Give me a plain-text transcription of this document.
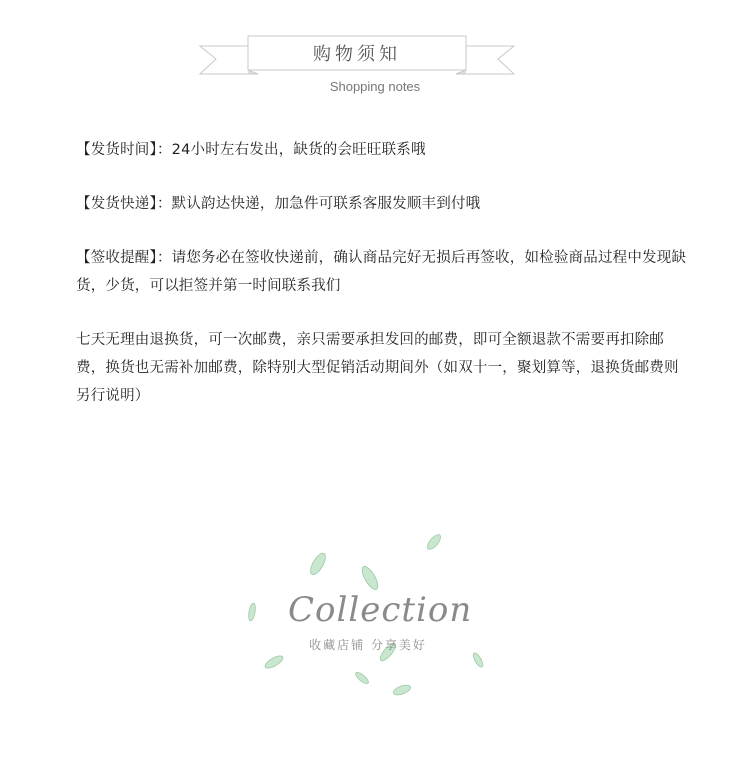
购物须知
Shopping notes

【发货时间】：24小时左右发出，缺货的会旺旺联系哦

【发货快递】：默认韵达快递，加急件可联系客服发顺丰到付哦

【签收提醒】：请您务必在签收快递前，确认商品完好无损后再签收，如检验商品过程中发现缺货，少货，可以拒签并第一时间联系我们

七天无理由退换货，可一次邮费，亲只需要承担发回的邮费，即可全额退款不需要再扣除邮费，换货也无需补加邮费，除特别大型促销活动期间外（如双十一，聚划算等，退换货邮费则另行说明）

Collection
收藏店铺 分享美好
